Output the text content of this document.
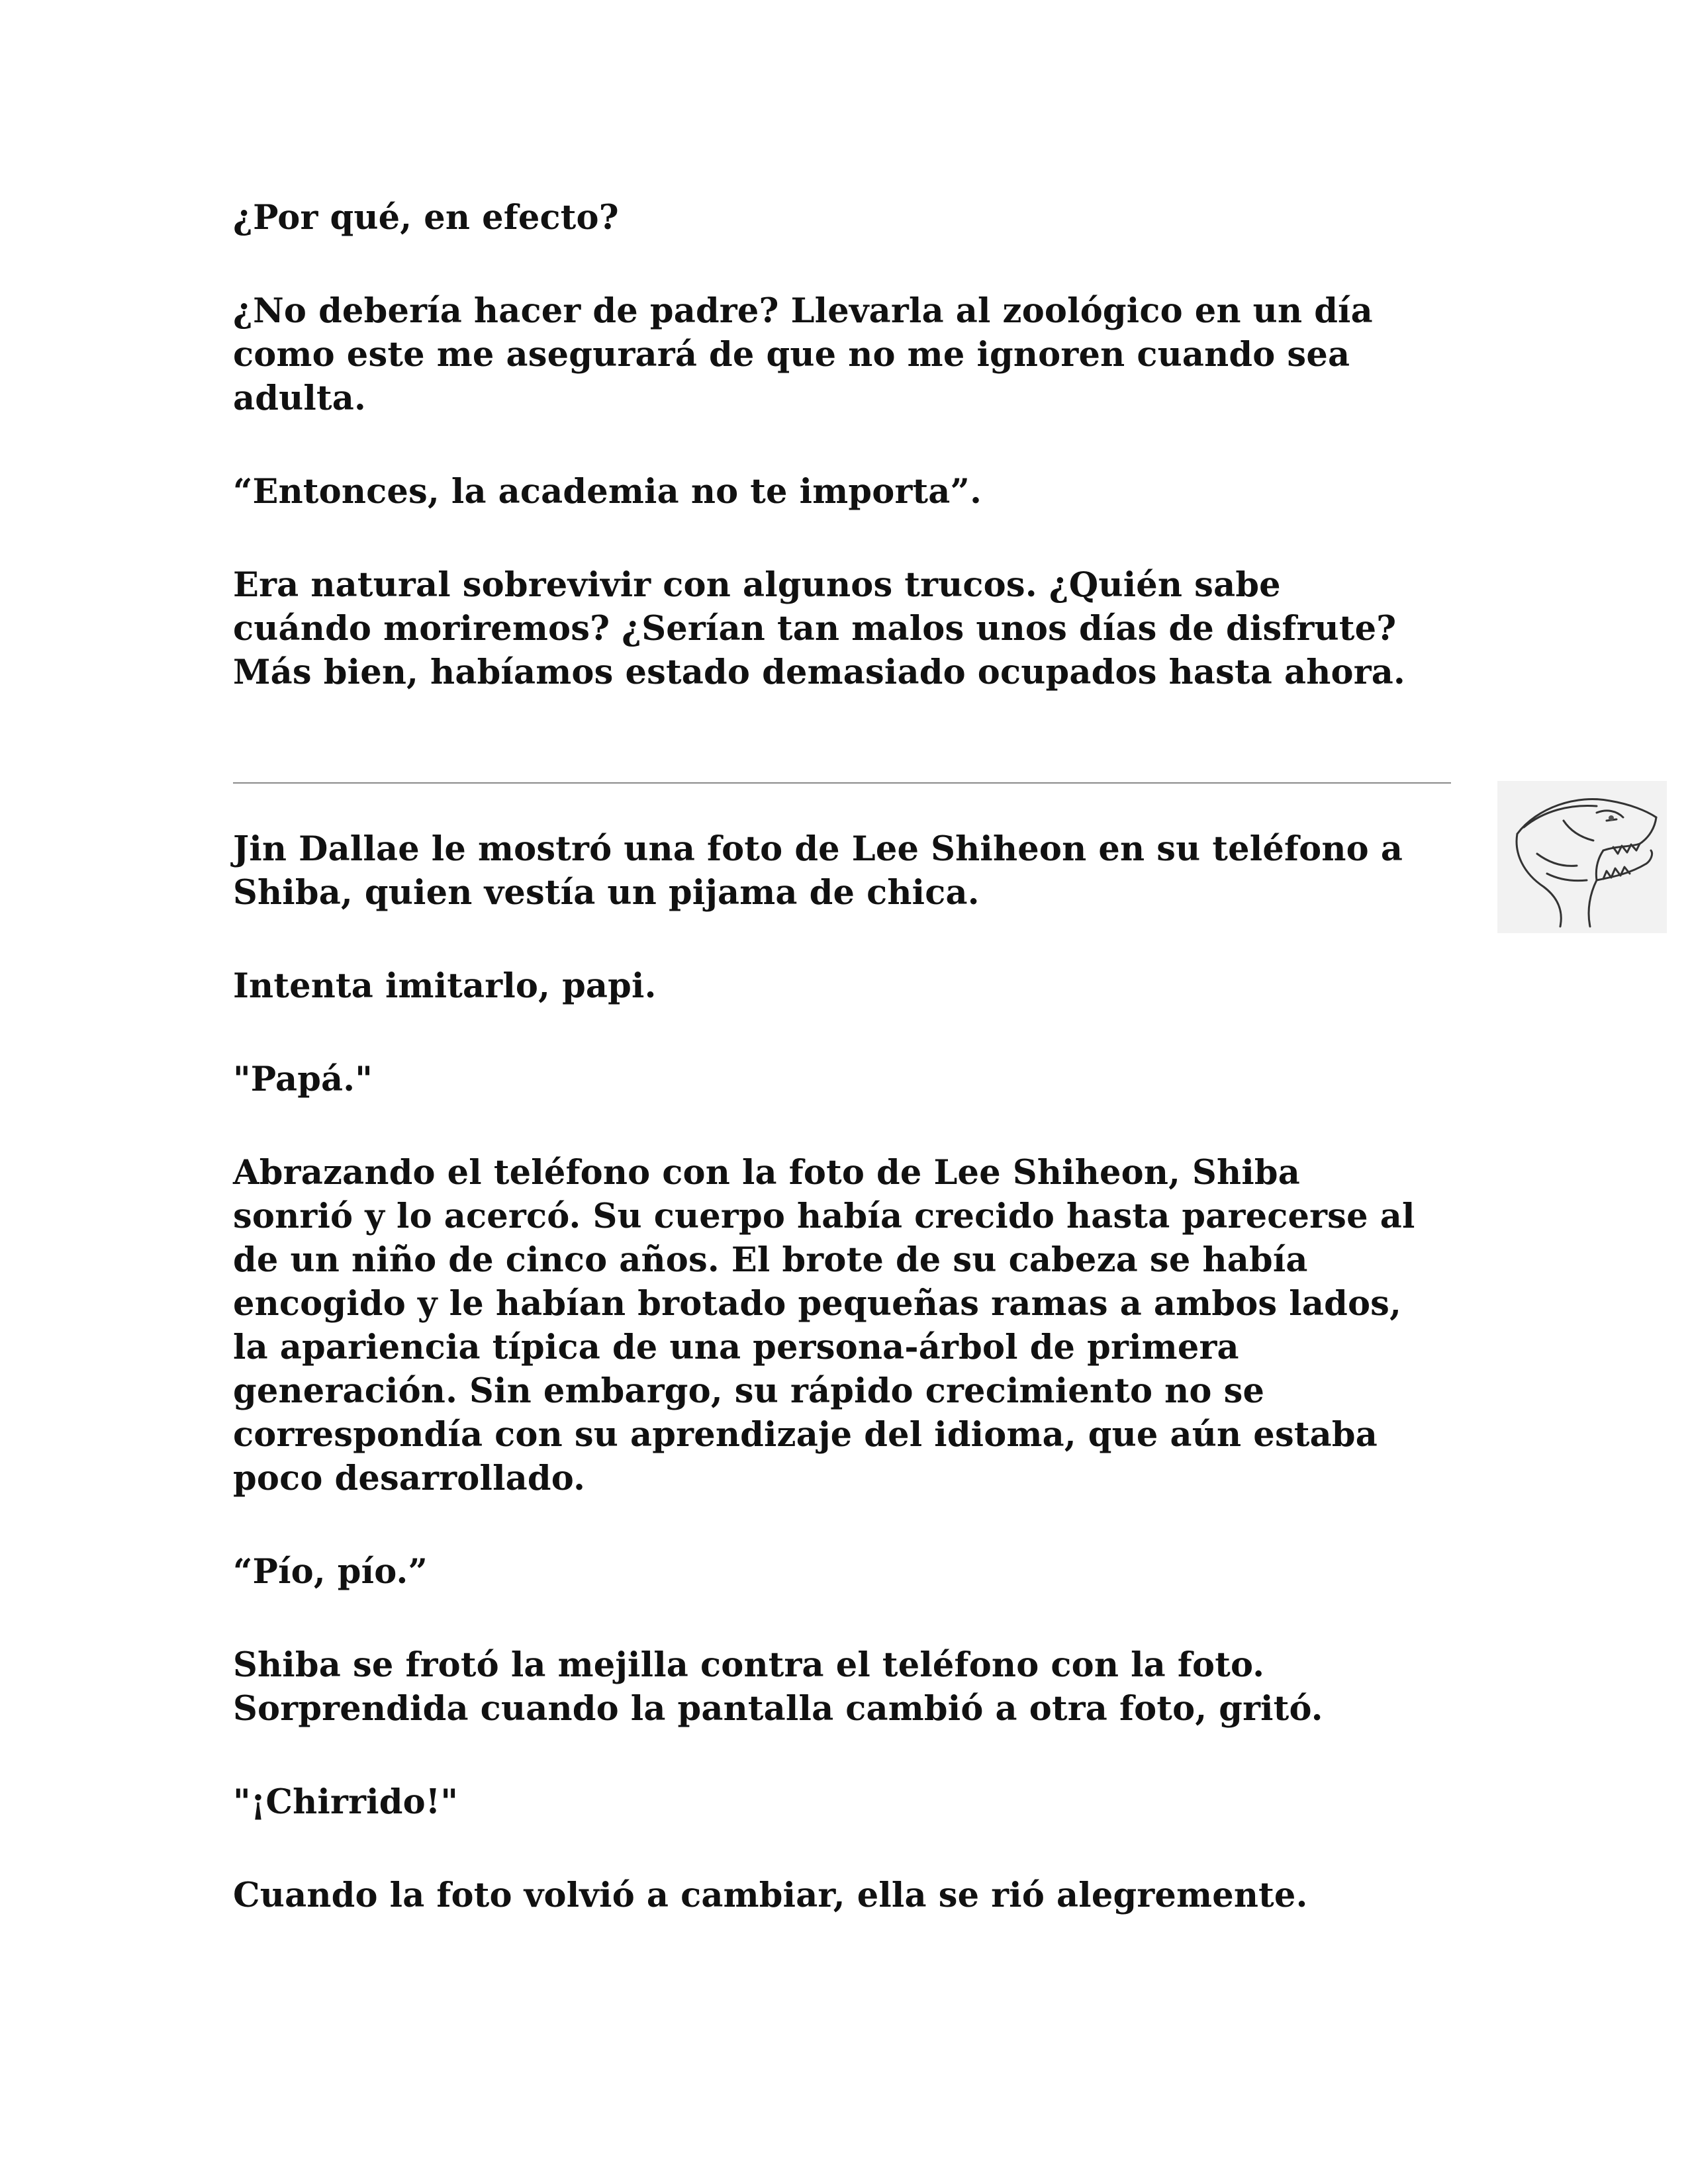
¿Por qué, en efecto?

¿No debería hacer de padre? Llevarla al zoológico en un día
como este me asegurará de que no me ignoren cuando sea
adulta.

“Entonces, la academia no te importa”.

Era natural sobrevivir con algunos trucos. ¿Quién sabe
cuándo moriremos? ¿Serían tan malos unos días de disfrute?
Más bien, habíamos estado demasiado ocupados hasta ahora.

Jin Dallae le mostró una foto de Lee Shiheon en su teléfono a
Shiba, quien vestía un pijama de chica.

Intenta imitarlo, papi.

"Papá."

Abrazando el teléfono con la foto de Lee Shiheon, Shiba
sonrió y lo acercó. Su cuerpo había crecido hasta parecerse al
de un niño de cinco años. El brote de su cabeza se había
encogido y le habían brotado pequeñas ramas a ambos lados,
la apariencia típica de una persona-árbol de primera
generación. Sin embargo, su rápido crecimiento no se
correspondía con su aprendizaje del idioma, que aún estaba
poco desarrollado.

“Pío, pío.”

Shiba se frotó la mejilla contra el teléfono con la foto.
Sorprendida cuando la pantalla cambió a otra foto, gritó.

"¡Chirrido!"

Cuando la foto volvió a cambiar, ella se rió alegremente.
